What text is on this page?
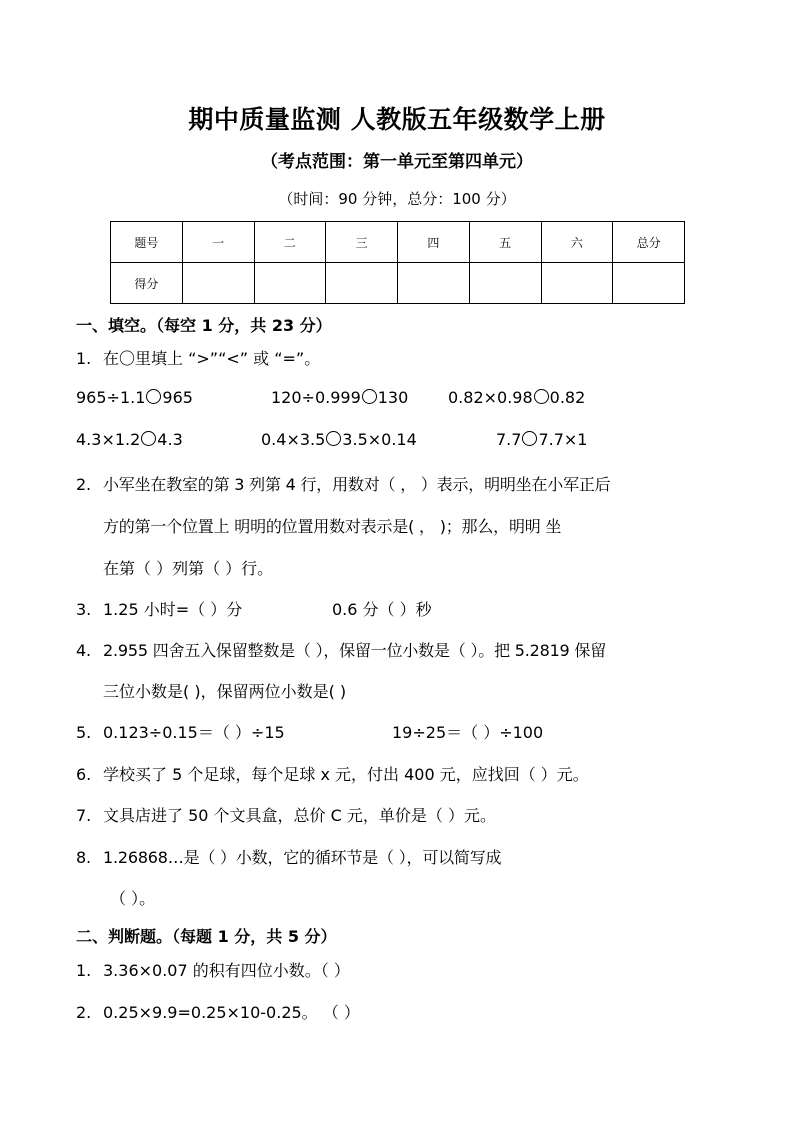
期中质量监测 人教版五年级数学上册
（考点范围：第一单元至第四单元）
（时间：90 分钟，总分：100 分）
题号	一	二	三	四	五	六	总分
得分							
一、填空。（每空 1 分，共 23 分）
1. 在〇里填上 “>”“<” 或 “=”。
965÷1.1 965	120÷0.999 130 0.82×0.98 0.82
4.3×1.2 4.3	0.4×3.5 3.5×0.14	7.7 7.7×1
2. 小军坐在教室的第 3 列第 4 行，用数对（ ， ）表示，明明坐在小军正后
方的第一个位置上 明明的位置用数对表示是( ， )；那么，明明 坐
在第（ ）列第（ ）行。
3. 1.25 小时=（ ）分	0.6 分（ ）秒
4. 2.955 四舍五入保留整数是（ ），保留一位小数是（ ）。把 5.2819 保留
三位小数是( )，保留两位小数是( )
5. 0.123÷0.15＝（ ）÷15	19÷25＝（ ）÷100
6. 学校买了 5 个足球，每个足球 x 元，付出 400 元，应找回（ ）元。
7. 文具店进了 50 个文具盒，总价 C 元，单价是（ ）元。
8. 1.26868…是（ ）小数，它的循环节是（ ），可以简写成
（ ）。
二、判断题。（每题 1 分，共 5 分）
1. 3.36×0.07 的积有四位小数。（ ）
2. 0.25×9.9=0.25×10-0.25。 （ ）
